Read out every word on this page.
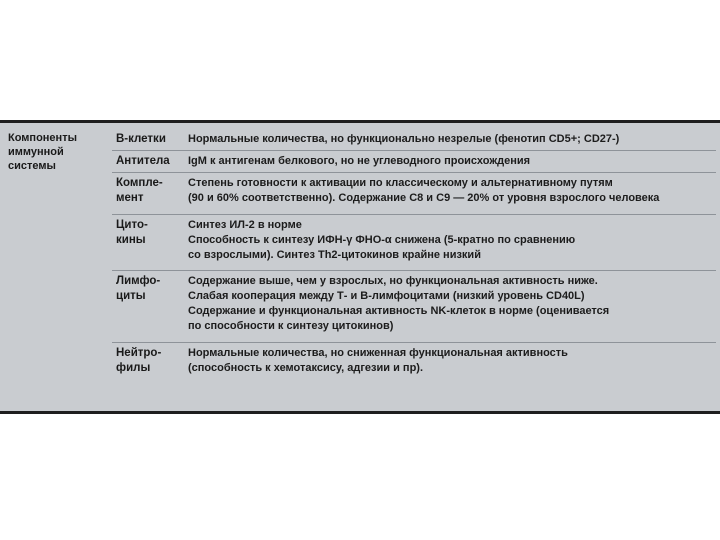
Компоненты
иммунной
системы
В-клетки	Нормальные количества, но функционально незрелые (фенотип CD5+; CD27-)
Антитела	IgM к антигенам белкового, но не углеводного происхождения
Компле-
мент
Степень готовности к активации по классическому и альтернативному путям
(90 и 60% соответственно). Содержание C8 и C9 — 20% от уровня взрослого человека
Цито-
кины
Синтез ИЛ-2 в норме
Способность к синтезу ИФН-γ ФНО-α снижена (5-кратно по сравнению
со взрослыми). Синтез Th2-цитокинов крайне низкий
Лимфо-
циты
Содержание выше, чем у взрослых, но функциональная активность ниже.
Слабая кооперация между Т- и В-лимфоцитами (низкий уровень CD40L)
Содержание и функциональная активность NK-клеток в норме (оценивается
по способности к синтезу цитокинов)
Нейтро-
филы
Нормальные количества, но сниженная функциональная активность
(способность к хемотаксису, адгезии и пр).
